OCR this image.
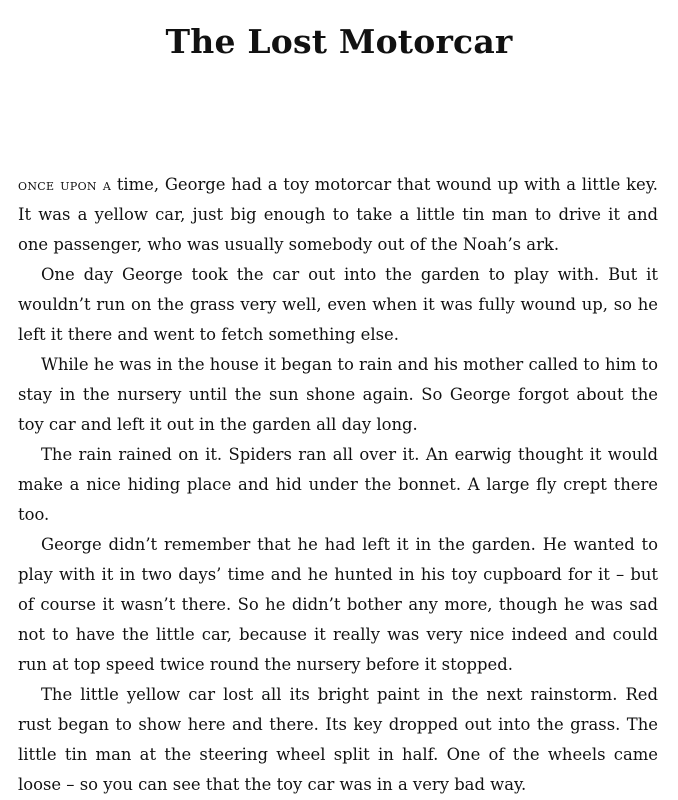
The Lost Motorcar

once upon a time, George had a toy motorcar that wound up with a little key. It was a yellow car, just big enough to take a little tin man to drive it and one passenger, who was usually somebody out of the Noah’s ark.

One day George took the car out into the garden to play with. But it wouldn’t run on the grass very well, even when it was fully wound up, so he left it there and went to fetch something else.

While he was in the house it began to rain and his mother called to him to stay in the nursery until the sun shone again. So George forgot about the toy car and left it out in the garden all day long.

The rain rained on it. Spiders ran all over it. An earwig thought it would make a nice hiding place and hid under the bonnet. A large fly crept there too.

George didn’t remember that he had left it in the garden. He wanted to play with it in two days’ time and he hunted in his toy cupboard for it – but of course it wasn’t there. So he didn’t bother any more, though he was sad not to have the little car, because it really was very nice indeed and could run at top speed twice round the nursery before it stopped.

The little yellow car lost all its bright paint in the next rainstorm. Red rust began to show here and there. Its key dropped out into the grass. The little tin man at the steering wheel split in half. One of the wheels came loose – so you can see that the toy car was in a very bad way.
